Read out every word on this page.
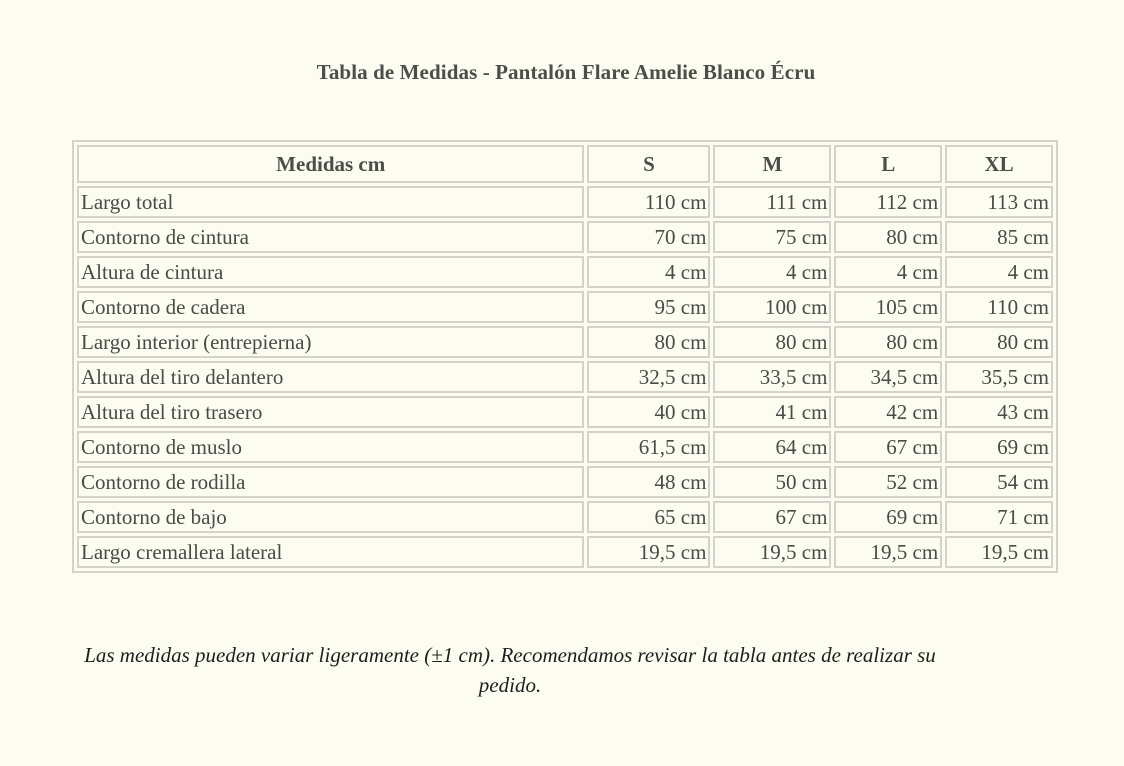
Tabla de Medidas - Pantalón Flare Amelie Blanco Écru
Medidas cm	S	M	L	XL
Largo total	110 cm	111 cm	112 cm	113 cm
Contorno de cintura	70 cm	75 cm	80 cm	85 cm
Altura de cintura	4 cm	4 cm	4 cm	4 cm
Contorno de cadera	95 cm	100 cm	105 cm	110 cm
Largo interior (entrepierna)	80 cm	80 cm	80 cm	80 cm
Altura del tiro delantero	32,5 cm	33,5 cm	34,5 cm	35,5 cm
Altura del tiro trasero	40 cm	41 cm	42 cm	43 cm
Contorno de muslo	61,5 cm	64 cm	67 cm	69 cm
Contorno de rodilla	48 cm	50 cm	52 cm	54 cm
Contorno de bajo	65 cm	67 cm	69 cm	71 cm
Largo cremallera lateral	19,5 cm	19,5 cm	19,5 cm	19,5 cm
Las medidas pueden variar ligeramente (±1 cm). Recomendamos revisar la tabla antes de realizar su pedido.
